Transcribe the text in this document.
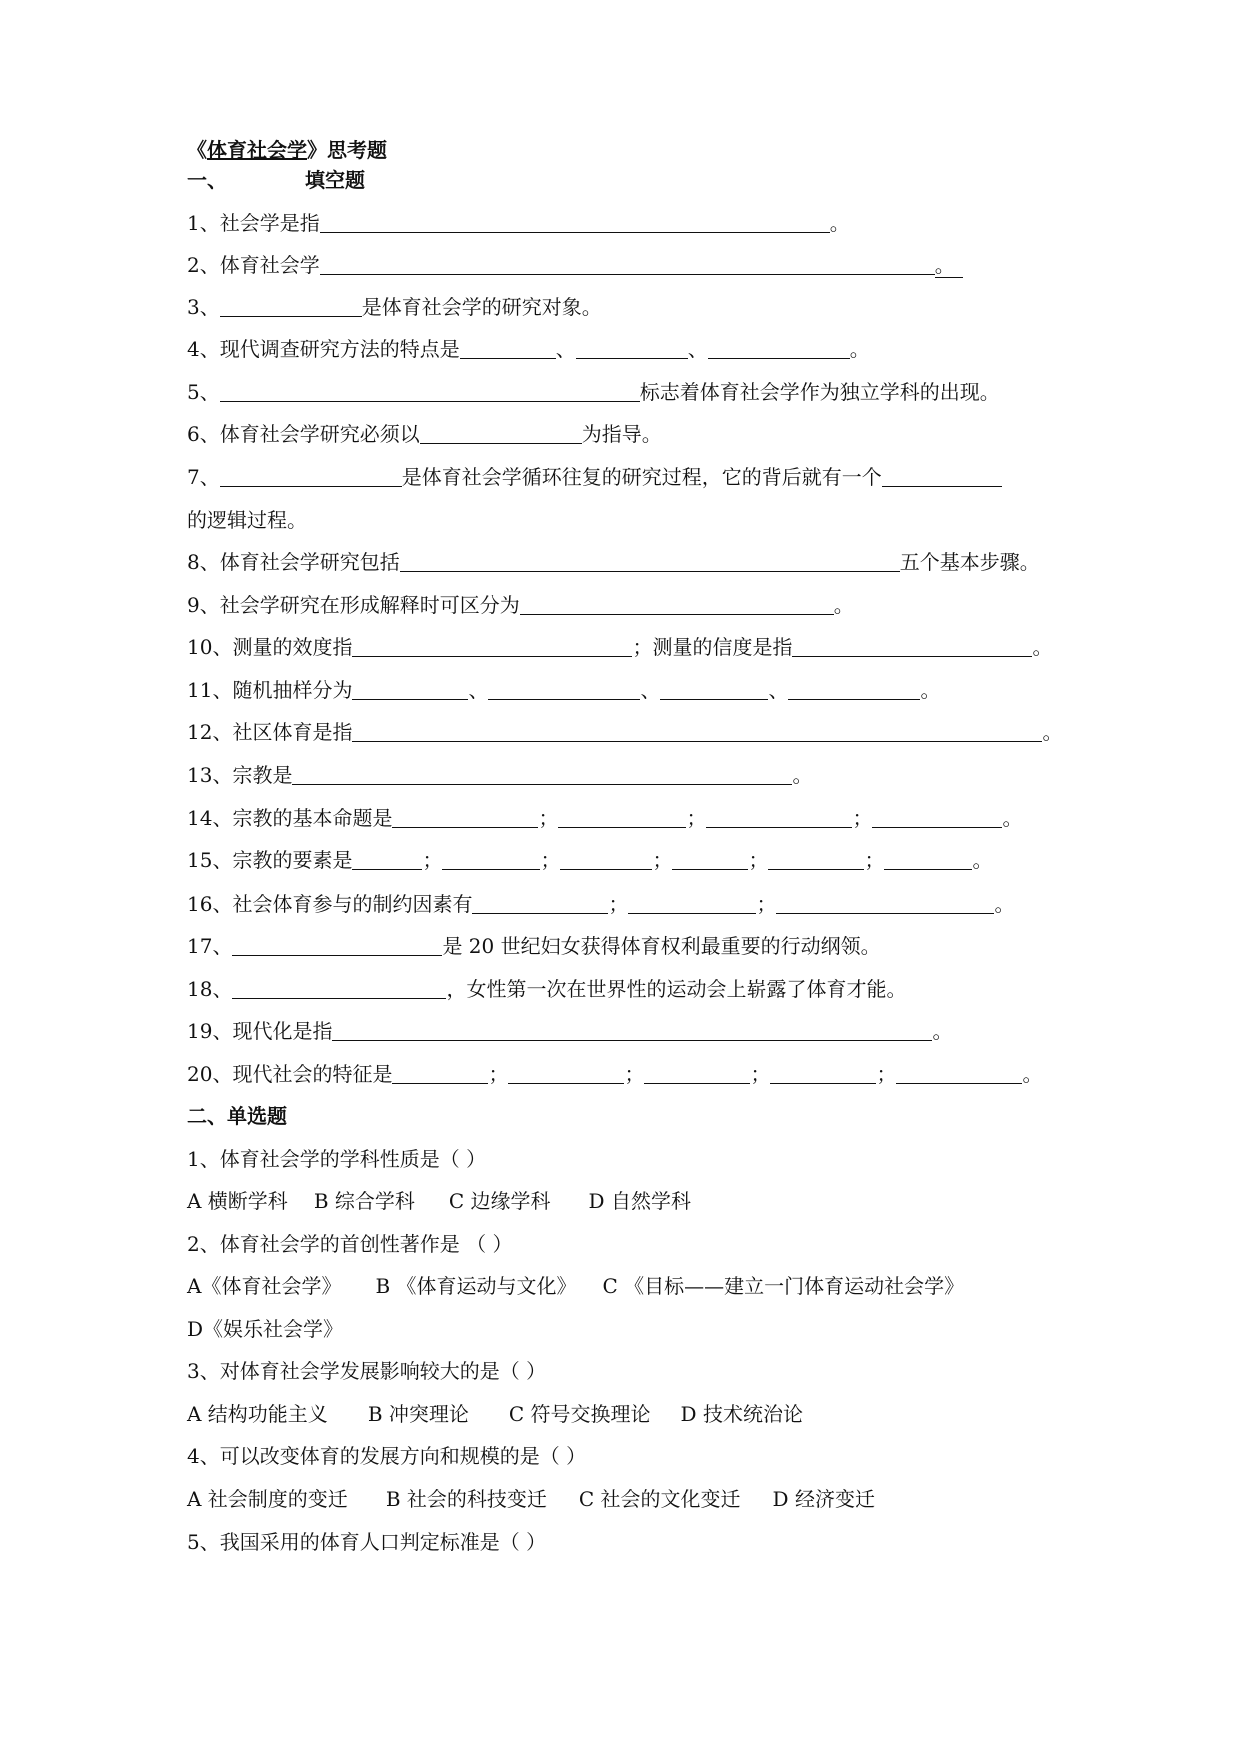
《体育社会学》思考题
一、	填空题
1、社会学是指	。
2、体育社会学	。
3、	是体育社会学的研究对象。
4、现代调查研究方法的特点是	、	、	。
5、	标志着体育社会学作为独立学科的出现。
6、体育社会学研究必须以	为指导。
7、	是体育社会学循环往复的研究过程，它的背后就有一个
的逻辑过程。
8、体育社会学研究包括	五个基本步骤。
9、社会学研究在形成解释时可区分为	。
10、测量的效度指	；测量的信度是指	。
11、随机抽样分为	、	、	、	。
12、社区体育是指	。
13、宗教是	。
14、宗教的基本命题是	；	；	；	。
15、宗教的要素是	；	；	；	；	；	。
16、社会体育参与的制约因素有	；	；	。
17、	是 20 世纪妇女获得体育权利最重要的行动纲领。
18、	，女性第一次在世界性的运动会上崭露了体育才能。
19、现代化是指	。
20、现代社会的特征是	；	；	；	；	。
二、单选题
1、体育社会学的学科性质是（ ）
A 横断学科 B 综合学科 C 边缘学科 D 自然学科
2、体育社会学的首创性著作是 （ ）
A《体育社会学》 B 《体育运动与文化》 C 《目标——建立一门体育运动社会学》
D《娱乐社会学》
3、对体育社会学发展影响较大的是（ ）
A 结构功能主义 B 冲突理论 C 符号交换理论 D 技术统治论
4、可以改变体育的发展方向和规模的是（ ）
A 社会制度的变迁 B 社会的科技变迁 C 社会的文化变迁 D 经济变迁
5、我国采用的体育人口判定标准是（ ）
